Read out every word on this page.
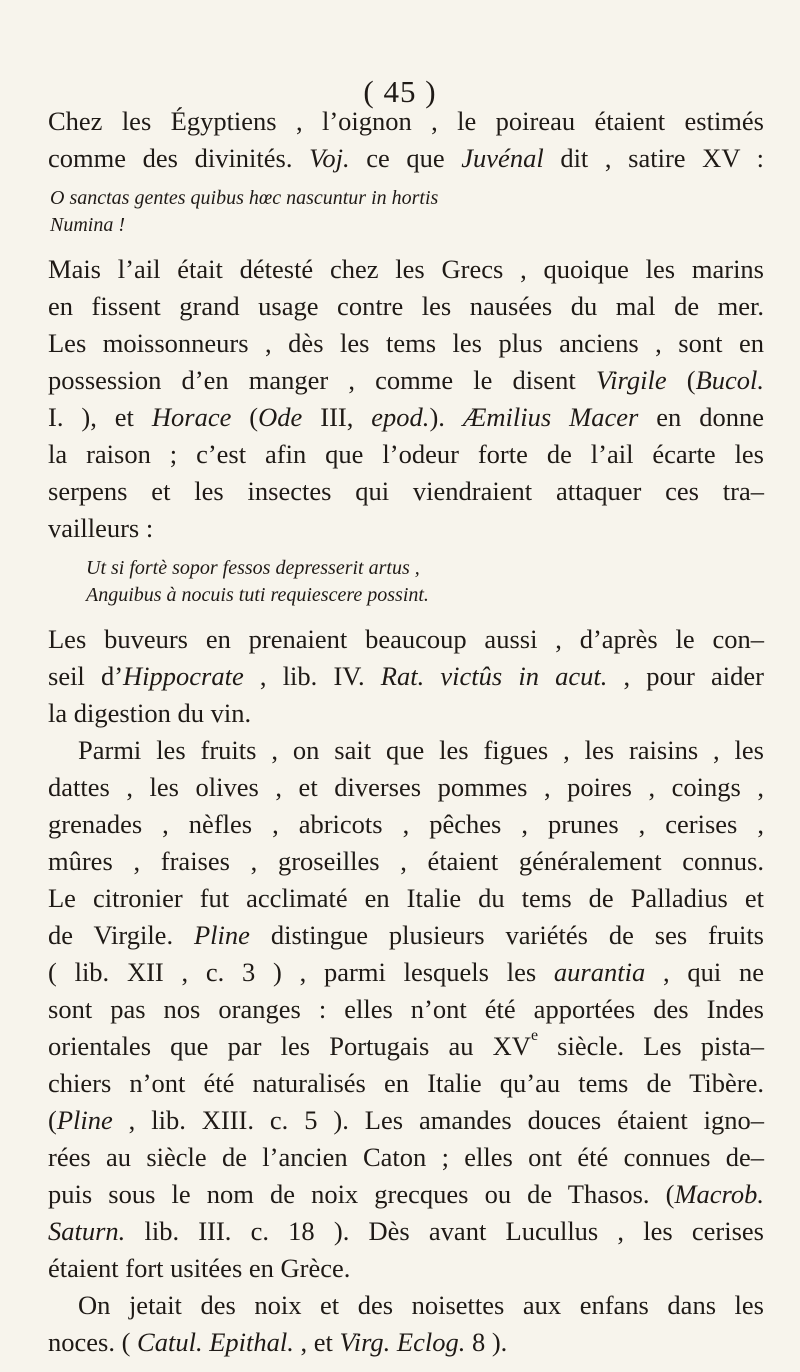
( 45 )
Chez les Égyptiens , l’oignon , le poireau étaient estimés
comme des divinités. Voj. ce que Juvénal dit , satire XV :
O sanctas gentes quibus hœc nascuntur in hortis
Numina !
Mais l’ail était détesté chez les Grecs , quoique les marins
en fissent grand usage contre les nausées du mal de mer.
Les moissonneurs , dès les tems les plus anciens , sont en
possession d’en manger , comme le disent Virgile (Bucol.
I. ), et Horace (Ode III, epod.). Æmilius Macer en donne
la raison ; c’est afin que l’odeur forte de l’ail écarte les
serpens et les insectes qui viendraient attaquer ces tra–
vailleurs :
Ut si fortè sopor fessos depresserit artus ,
Anguibus à nocuis tuti requiescere possint.
Les buveurs en prenaient beaucoup aussi , d’après le con–
seil d’Hippocrate , lib. IV. Rat. victûs in acut. , pour aider
la digestion du vin.
Parmi les fruits , on sait que les figues , les raisins , les
dattes , les olives , et diverses pommes , poires , coings ,
grenades , nèfles , abricots , pêches , prunes , cerises ,
mûres , fraises , groseilles , étaient généralement connus.
Le citronier fut acclimaté en Italie du tems de Palladius et
de Virgile. Pline distingue plusieurs variétés de ses fruits
( lib. XII , c. 3 ) , parmi lesquels les aurantia , qui ne
sont pas nos oranges : elles n’ont été apportées des Indes
orientales que par les Portugais au XVe siècle. Les pista–
chiers n’ont été naturalisés en Italie qu’au tems de Tibère.
(Pline , lib. XIII. c. 5 ). Les amandes douces étaient igno–
rées au siècle de l’ancien Caton ; elles ont été connues de–
puis sous le nom de noix grecques ou de Thasos. (Macrob.
Saturn. lib. III. c. 18 ). Dès avant Lucullus , les cerises
étaient fort usitées en Grèce.
On jetait des noix et des noisettes aux enfans dans les
noces. ( Catul. Epithal. , et Virg. Eclog. 8 ).
